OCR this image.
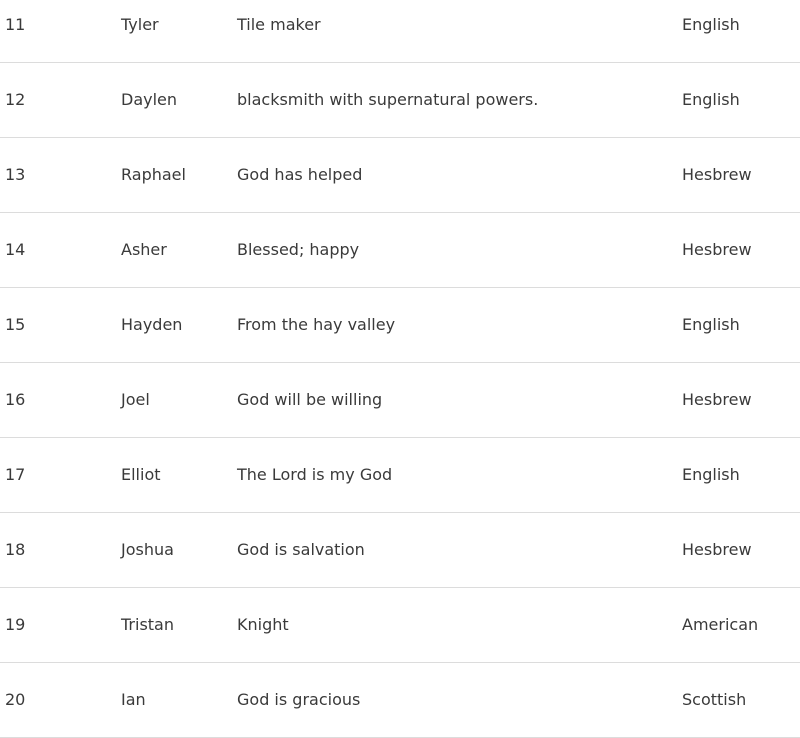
11	Tyler	Tile maker	English
12	Daylen	blacksmith with supernatural powers.	English
13	Raphael	God has helped	Hesbrew
14	Asher	Blessed; happy	Hesbrew
15	Hayden	From the hay valley	English
16	Joel	God will be willing	Hesbrew
17	Elliot	The Lord is my God	English
18	Joshua	God is salvation	Hesbrew
19	Tristan	Knight	American
20	Ian	God is gracious	Scottish
